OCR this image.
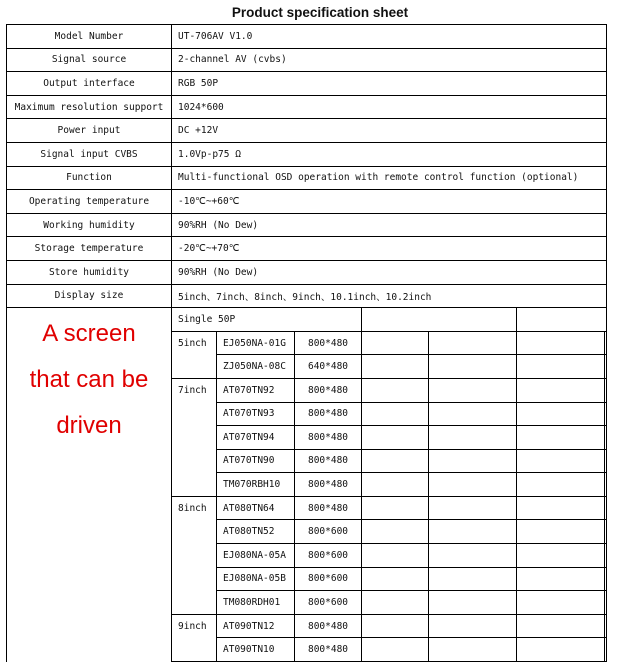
Product specification sheet
Model Number	UT-706AV V1.0						
Signal source	2-channel AV (cvbs)						
Output interface	RGB 50P						
Maximum resolution support	1024*600						
Power input	DC +12V						
Signal input CVBS	1.0Vp-p75 Ω						
Function	Multi-functional OSD operation with remote control function (optional)						
Operating temperature	-10℃~+60℃						
Working humidity	90%RH (No Dew)						
Storage temperature	-20℃~+70℃						
Store humidity	90%RH (No Dew)						
Display size	5inch、7inch、8inch、9inch、10.1inch、10.2inch						

A screen
that can be
driven	Single 50P						
	5inch	EJ050NA-01G	800*480				
		ZJ050NA-08C	640*480				
	7inch	AT070TN92	800*480				
		AT070TN93	800*480				
		AT070TN94	800*480				
		AT070TN90	800*480				
		TM070RBH10	800*480				
	8inch	AT080TN64	800*480				
		AT080TN52	800*600				
		EJ080NA-05A	800*600				
		EJ080NA-05B	800*600				
		TM080RDH01	800*600				
	9inch	AT090TN12	800*480				
		AT090TN10	800*480				
